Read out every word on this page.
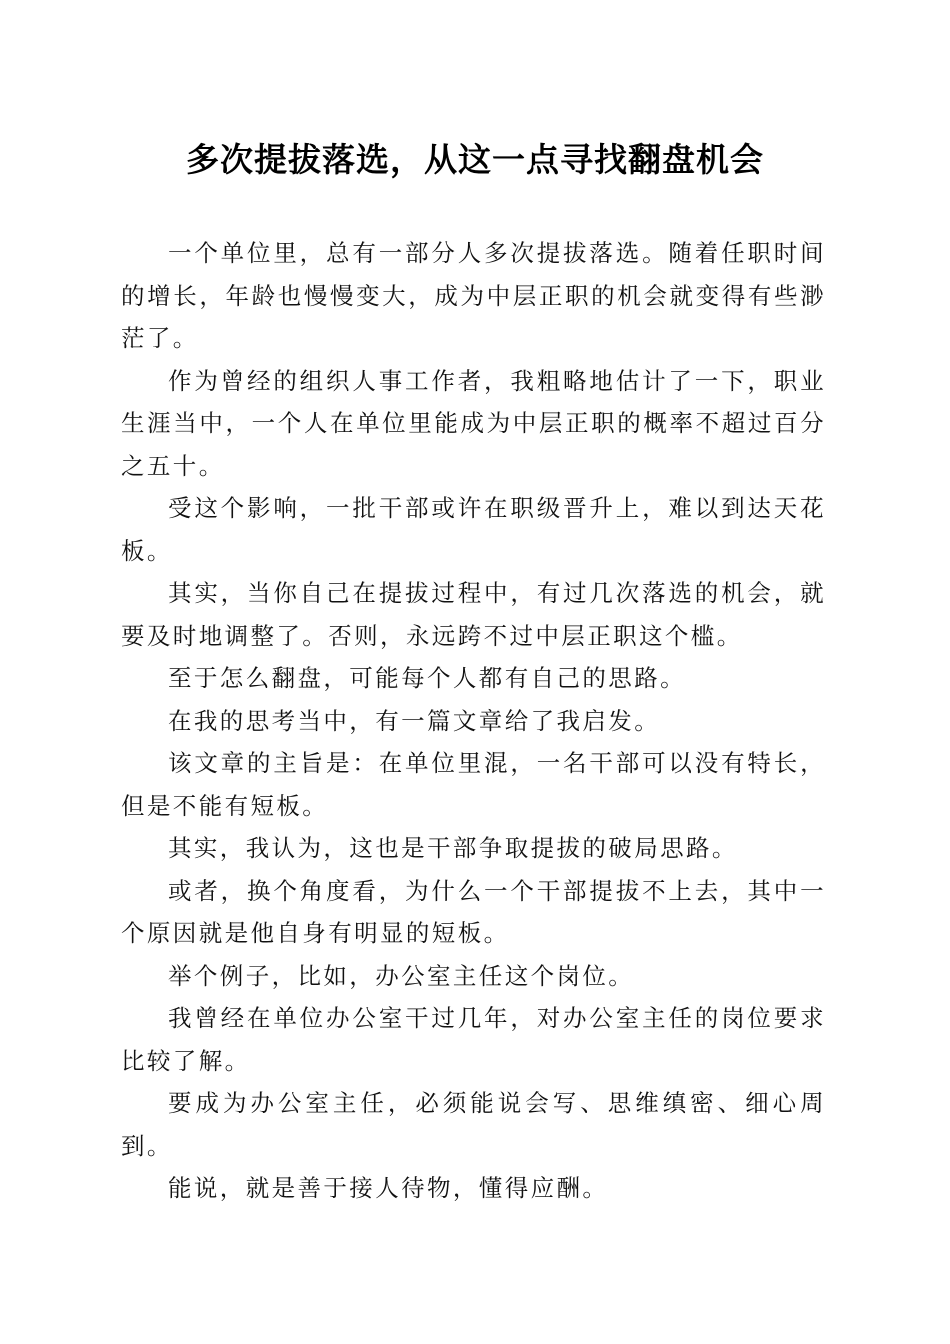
多次提拔落选，从这一点寻找翻盘机会

一个单位里，总有一部分人多次提拔落选。随着任职时间的增长，年龄也慢慢变大，成为中层正职的机会就变得有些渺茫了。

作为曾经的组织人事工作者，我粗略地估计了一下，职业生涯当中，一个人在单位里能成为中层正职的概率不超过百分之五十。

受这个影响，一批干部或许在职级晋升上，难以到达天花板。

其实，当你自己在提拔过程中，有过几次落选的机会，就要及时地调整了。否则，永远跨不过中层正职这个槛。

至于怎么翻盘，可能每个人都有自己的思路。

在我的思考当中，有一篇文章给了我启发。

该文章的主旨是：在单位里混，一名干部可以没有特长，但是不能有短板。

其实，我认为，这也是干部争取提拔的破局思路。

或者，换个角度看，为什么一个干部提拔不上去，其中一个原因就是他自身有明显的短板。

举个例子，比如，办公室主任这个岗位。

我曾经在单位办公室干过几年，对办公室主任的岗位要求比较了解。

要成为办公室主任，必须能说会写、思维缜密、细心周到。

能说，就是善于接人待物，懂得应酬。
